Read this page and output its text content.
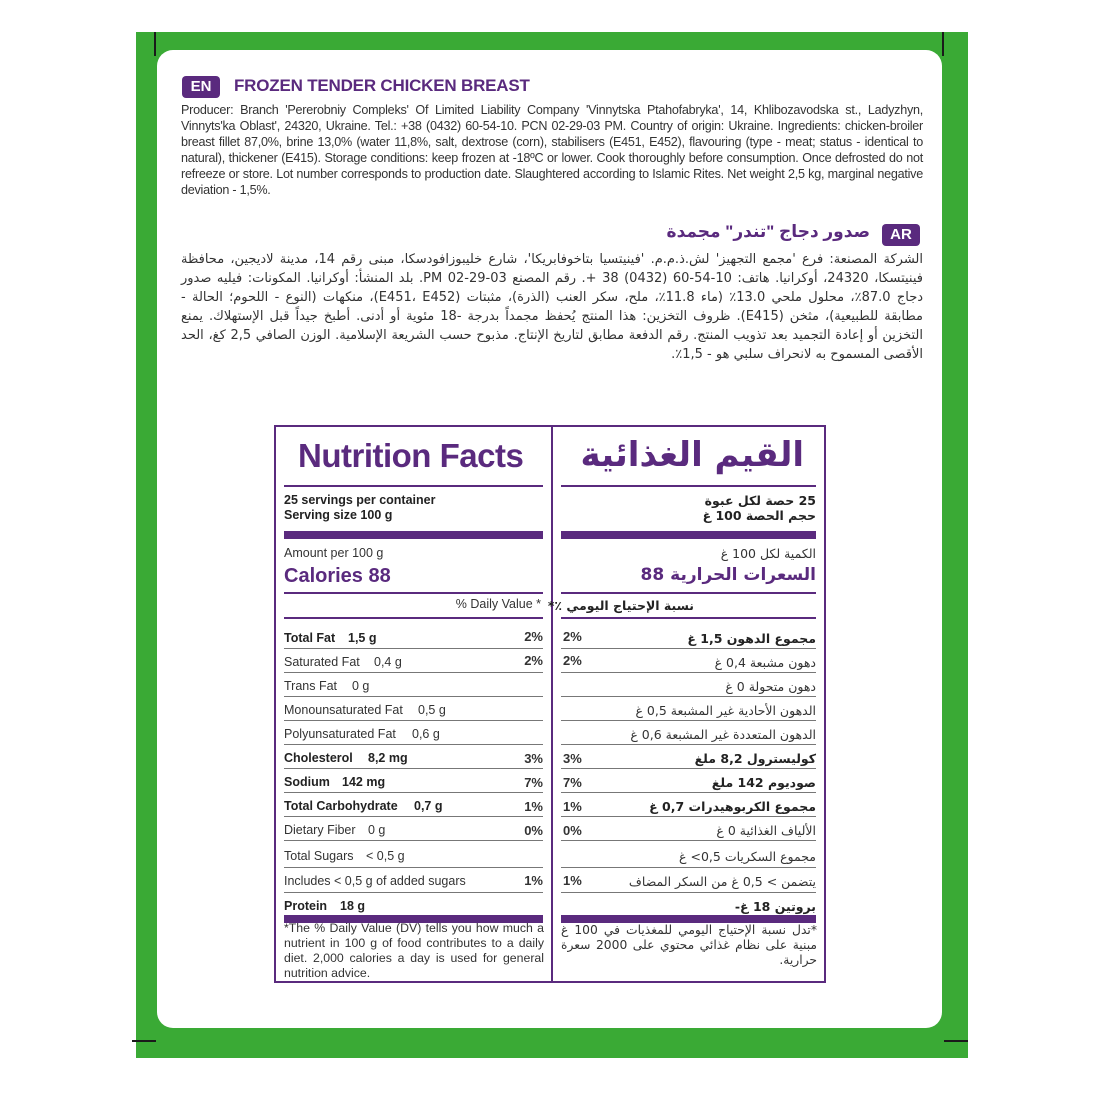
EN	FROZEN TENDER CHICKEN BREAST
Producer: Branch 'Pererobniy Compleks' Of Limited Liability Company 'Vinnytska Ptahofabryka', 14, Khlibozavodska st., Ladyzhyn, Vinnyts'ka Oblast', 24320, Ukraine. Tel.: +38 (0432) 60-54-10. PCN 02-29-03 PM. Country of origin: Ukraine. Ingredients: chicken-broiler breast fillet 87,0%, brine 13,0% (water 11,8%, salt, dextrose (corn), stabilisers (E451, E452), flavouring (type - meat; status - identical to natural), thickener (E415). Storage conditions: keep frozen at -18ºC or lower. Cook thoroughly before consumption. Once defrosted do not refreeze or store. Lot number corresponds to production date. Slaughtered according to Islamic Rites. Net weight 2,5 kg, marginal negative deviation - 1,5%.
AR
صدور دجاج "تندر" مجمدة
الشركة المصنعة: فرع 'مجمع التجهيز' لش.ذ.م.م. 'فينيتسيا بتاخوفابريكا'، شارع خليبوزافودسكا، مبنى رقم 14، مدينة لاديجين، محافظة فينيتسكا، 24320، أوكرانيا. هاتف: 10-54-60 (0432) 38 +. رقم المصنع 03-29-02 PM. بلد المنشأ: أوكرانيا. المكونات: فيليه صدور دجاج 87.0٪، محلول ملحي 13.0٪ (ماء 11.8٪، ملح، سكر العنب (الذرة)، مثبتات (E451، E452)، منكهات (النوع - اللحوم؛ الحالة - مطابقة للطبيعية)، مثخن (E415). ظروف التخزين: هذا المنتج يُحفظ مجمداً بدرجة -18 مئوية أو أدنى. أطبخ جيداً قبل الإستهلاك. يمنع التخزين أو إعادة التجميد بعد تذويب المنتج. رقم الدفعة مطابق لتاريخ الإنتاج. مذبوح حسب الشريعة الإسلامية. الوزن الصافي 2,5 كغ، الحد الأقصى المسموح به لانحراف سلبي هو - 1,5٪.
Nutrition Facts
25 servings per container
Serving size 100 g
Amount per 100 g
Calories 88
% Daily Value *
Total Fat 1,5 g	2%
Saturated Fat 0,4 g	2%
Trans Fat 0 g
Monounsaturated Fat 0,5 g
Polyunsaturated Fat 0,6 g
Cholesterol 8,2 mg	3%
Sodium 142 mg	7%
Total Carbohydrate 0,7 g	1%
Dietary Fiber 0 g	0%
Total Sugars < 0,5 g
Includes < 0,5 g of added sugars	1%
Protein 18 g
*The % Daily Value (DV) tells you how much a nutrient in 100 g of food contributes to a daily diet. 2,000 calories a day is used for general nutrition advice.
القيم الغذائية
25 حصة لكل عبوة
حجم الحصة 100 غ
الكمية لكل 100 غ
السعرات الحرارية 88
نسبة الإحتياج اليومي ٪*
2%	مجموع الدهون 1,5 غ
2%	دهون مشبعة 0,4 غ
دهون متحولة 0 غ
الدهون الأحادية غير المشبعة 0,5 غ
الدهون المتعددة غير المشبعة 0,6 غ
3%	كوليسترول 8,2 ملغ
7%	صوديوم 142 ملغ
1%	مجموع الكربوهيدرات 0,7 غ
0%	الألياف الغذائية 0 غ
مجموع السكريات 0,5> غ
1%	يتضمن > 0,5 غ من السكر المضاف
بروتين 18 غ-
*تدل نسبة الإحتياج اليومي للمغذيات في 100 غ مبنية على نظام غذائي محتوي على 2000 سعرة حرارية.
